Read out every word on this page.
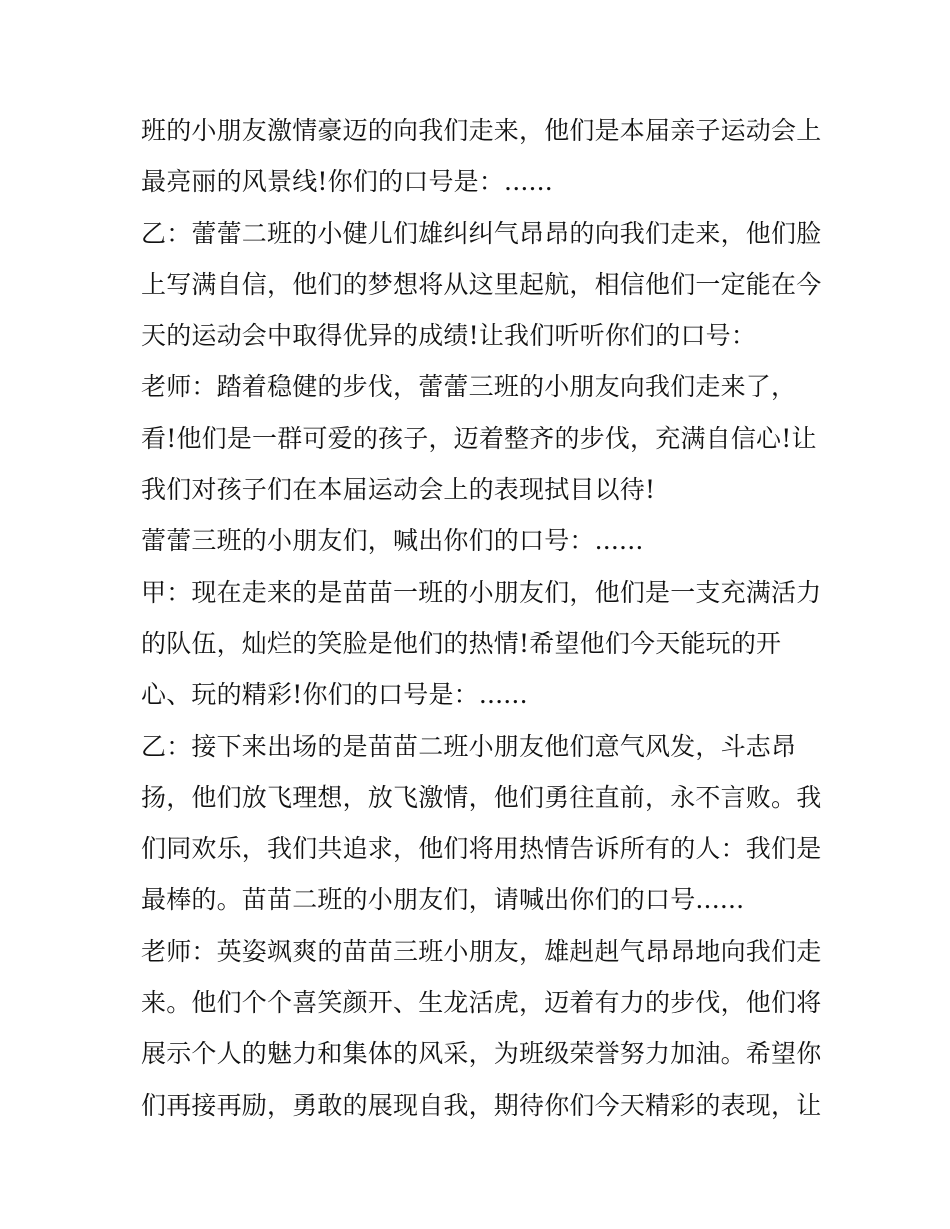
班的小朋友激情豪迈的向我们走来，他们是本届亲子运动会上
最亮丽的风景线!你们的口号是：......
乙：蕾蕾二班的小健儿们雄纠纠气昂昂的向我们走来，他们脸
上写满自信，他们的梦想将从这里起航，相信他们一定能在今
天的运动会中取得优异的成绩!让我们听听你们的口号：
老师：踏着稳健的步伐，蕾蕾三班的小朋友向我们走来了，
看!他们是一群可爱的孩子，迈着整齐的步伐，充满自信心!让
我们对孩子们在本届运动会上的表现拭目以待!
蕾蕾三班的小朋友们，喊出你们的口号：......
甲：现在走来的是苗苗一班的小朋友们，他们是一支充满活力
的队伍，灿烂的笑脸是他们的热情!希望他们今天能玩的开
心、玩的精彩!你们的口号是：......
乙：接下来出场的是苗苗二班小朋友他们意气风发，斗志昂
扬，他们放飞理想，放飞激情，他们勇往直前，永不言败。我
们同欢乐，我们共追求，他们将用热情告诉所有的人：我们是
最棒的。苗苗二班的小朋友们，请喊出你们的口号......
老师：英姿飒爽的苗苗三班小朋友，雄赳赳气昂昂地向我们走
来。他们个个喜笑颜开、生龙活虎，迈着有力的步伐，他们将
展示个人的魅力和集体的风采，为班级荣誉努力加油。希望你
们再接再励，勇敢的展现自我，期待你们今天精彩的表现，让
